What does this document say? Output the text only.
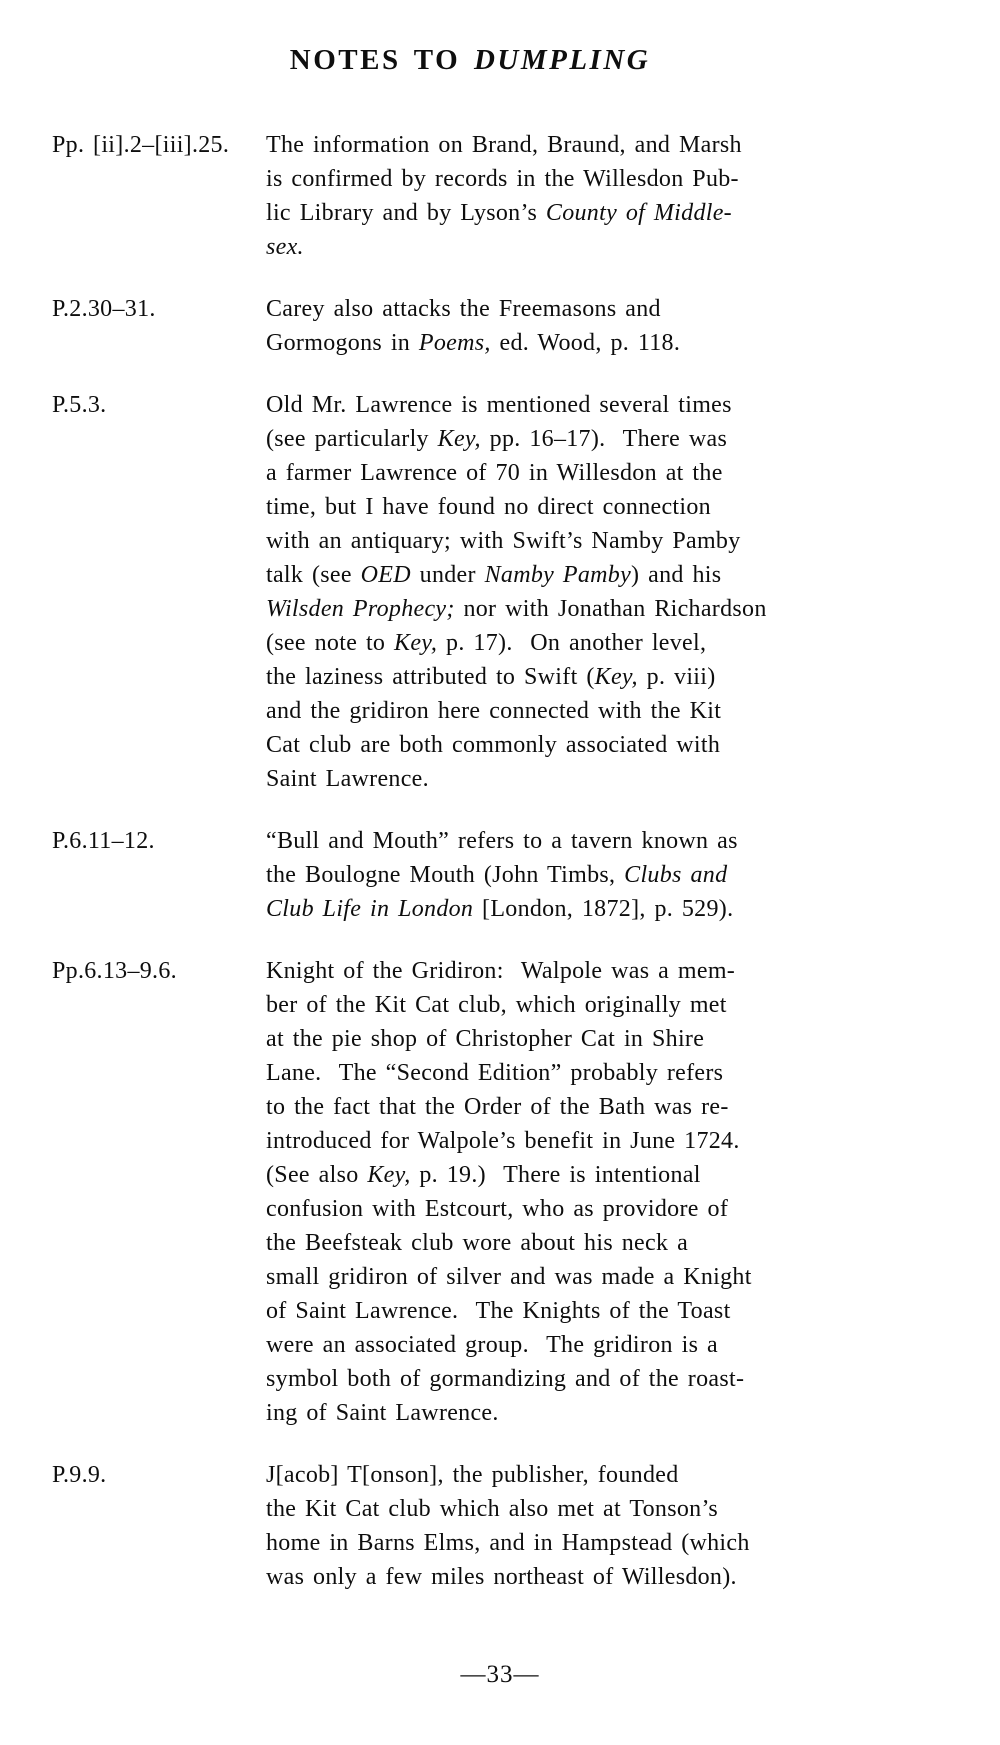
NOTES TO DUMPLING
Pp. [ii].2–[iii].25.	The information on Brand, Braund, and Marsh
is confirmed by records in the Willesdon Pub-
lic Library and by Lyson’s County of Middle-
sex.
P.2.30–31.	Carey also attacks the Freemasons and
Gormogons in Poems, ed. Wood, p. 118.
P.5.3.	Old Mr. Lawrence is mentioned several times
(see particularly Key, pp. 16–17).  There was
a farmer Lawrence of 70 in Willesdon at the
time, but I have found no direct connection
with an antiquary; with Swift’s Namby Pamby
talk (see OED under Namby Pamby) and his
Wilsden Prophecy; nor with Jonathan Richardson
(see note to Key, p. 17).  On another level,
the laziness attributed to Swift (Key, p. viii)
and the gridiron here connected with the Kit
Cat club are both commonly associated with
Saint Lawrence.
P.6.11–12.	“Bull and Mouth” refers to a tavern known as
the Boulogne Mouth (John Timbs, Clubs and
Club Life in London [London, 1872], p. 529).
Pp.6.13–9.6.	Knight of the Gridiron:  Walpole was a mem-
ber of the Kit Cat club, which originally met
at the pie shop of Christopher Cat in Shire
Lane.  The “Second Edition” probably refers
to the fact that the Order of the Bath was re-
introduced for Walpole’s benefit in June 1724.
(See also Key, p. 19.)  There is intentional
confusion with Estcourt, who as providore of
the Beefsteak club wore about his neck a
small gridiron of silver and was made a Knight
of Saint Lawrence.  The Knights of the Toast
were an associated group.  The gridiron is a
symbol both of gormandizing and of the roast-
ing of Saint Lawrence.
P.9.9.	J[acob] T[onson], the publisher, founded
the Kit Cat club which also met at Tonson’s
home in Barns Elms, and in Hampstead (which
was only a few miles northeast of Willesdon).
—33—
